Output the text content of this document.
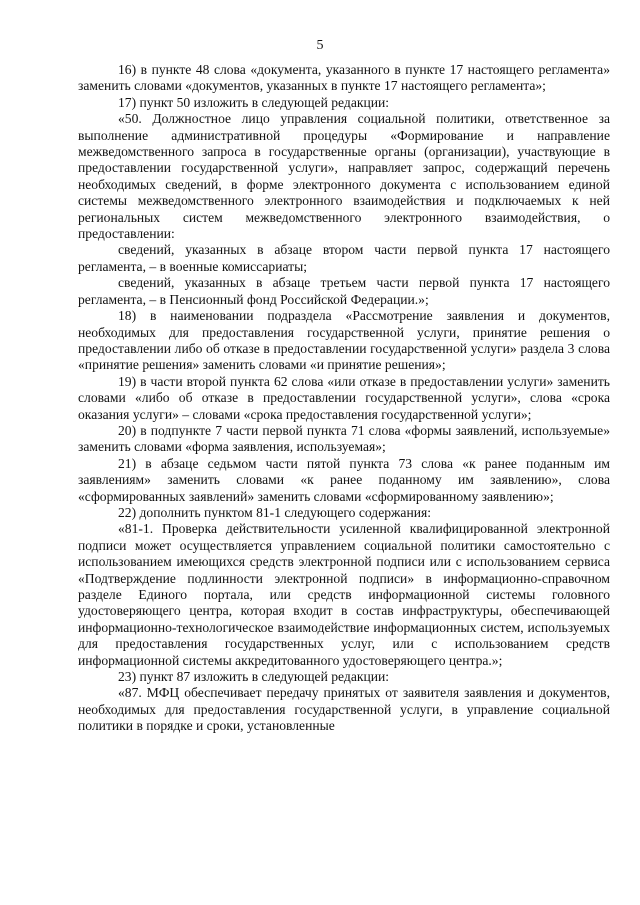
5

16) в пункте 48 слова «документа, указанного в пункте 17 настоящего регламента» заменить словами «документов, указанных в пункте 17 настоящего регламента»;

17) пункт 50 изложить в следующей редакции:

«50. Должностное лицо управления социальной политики, ответственное за выполнение административной процедуры «Формирование и направление межведомственного запроса в государственные органы (организации), участвующие в предоставлении государственной услуги», направляет запрос, содержащий перечень необходимых сведений, в форме электронного документа с использованием единой системы межведомственного электронного взаимодействия и подключаемых к ней региональных систем межведомственного электронного взаимодействия, о предоставлении:

сведений, указанных в абзаце втором части первой пункта 17 настоящего регламента, – в военные комиссариаты;

сведений, указанных в абзаце третьем части первой пункта 17 настоящего регламента, – в Пенсионный фонд Российской Федерации.»;

18) в наименовании подраздела «Рассмотрение заявления и документов, необходимых для предоставления государственной услуги, принятие решения о предоставлении либо об отказе в предоставлении государственной услуги» раздела 3 слова «принятие решения» заменить словами «и принятие решения»;

19) в части второй пункта 62 слова «или отказе в предоставлении услуги» заменить словами «либо об отказе в предоставлении государственной услуги», слова «срока оказания услуги» – словами «срока предоставления государственной услуги»;

20) в подпункте 7 части первой пункта 71 слова «формы заявлений, используемые» заменить словами «форма заявления, используемая»;

21) в абзаце седьмом части пятой пункта 73 слова «к ранее поданным им заявлениям» заменить словами «к ранее поданному им заявлению», слова «сформированных заявлений» заменить словами «сформированному заявлению»;

22) дополнить пунктом 81-1 следующего содержания:

«81-1. Проверка действительности усиленной квалифицированной электронной подписи может осуществляется управлением социальной политики самостоятельно с использованием имеющихся средств электронной подписи или с использованием сервиса «Подтверждение подлинности электронной подписи» в информационно-справочном разделе Единого портала, или средств информационной системы головного удостоверяющего центра, которая входит в состав инфраструктуры, обеспечивающей информационно-технологическое взаимодействие информационных систем, используемых для предоставления государственных услуг, или с использованием средств информационной системы аккредитованного удостоверяющего центра.»;

23) пункт 87 изложить в следующей редакции:

«87. МФЦ обеспечивает передачу принятых от заявителя заявления и документов, необходимых для предоставления государственной услуги, в управление социальной политики в порядке и сроки, установленные
